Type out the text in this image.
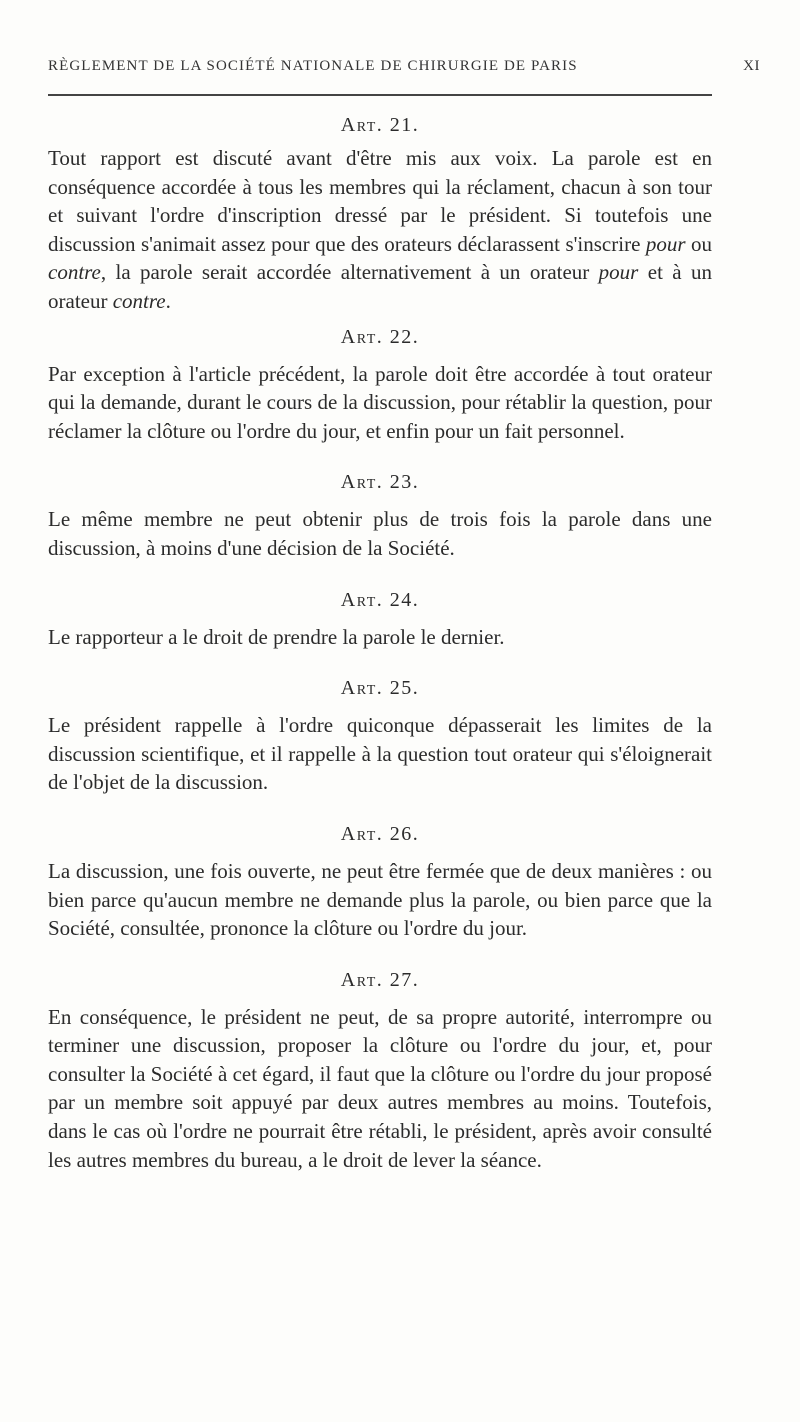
RÈGLEMENT DE LA SOCIÉTÉ NATIONALE DE CHIRURGIE DE PARIS	XI
Art. 21.

Tout rapport est discuté avant d'être mis aux voix. La parole est en conséquence accordée à tous les membres qui la réclament, chacun à son tour et suivant l'ordre d'inscription dressé par le président. Si toutefois une discussion s'animait assez pour que des orateurs déclarassent s'inscrire pour ou contre, la parole serait accordée alternativement à un orateur pour et à un orateur contre.

Art. 22.

Par exception à l'article précédent, la parole doit être accordée à tout orateur qui la demande, durant le cours de la discussion, pour rétablir la question, pour réclamer la clôture ou l'ordre du jour, et enfin pour un fait personnel.

Art. 23.

Le même membre ne peut obtenir plus de trois fois la parole dans une discussion, à moins d'une décision de la Société.

Art. 24.

Le rapporteur a le droit de prendre la parole le dernier.

Art. 25.

Le président rappelle à l'ordre quiconque dépasserait les limites de la discussion scientifique, et il rappelle à la question tout orateur qui s'éloignerait de l'objet de la discussion.

Art. 26.

La discussion, une fois ouverte, ne peut être fermée que de deux manières : ou bien parce qu'aucun membre ne demande plus la parole, ou bien parce que la Société, consultée, prononce la clôture ou l'ordre du jour.

Art. 27.

En conséquence, le président ne peut, de sa propre autorité, interrompre ou terminer une discussion, proposer la clôture ou l'ordre du jour, et, pour consulter la Société à cet égard, il faut que la clôture ou l'ordre du jour proposé par un membre soit appuyé par deux autres membres au moins. Toutefois, dans le cas où l'ordre ne pourrait être rétabli, le président, après avoir consulté les autres membres du bureau, a le droit de lever la séance.
